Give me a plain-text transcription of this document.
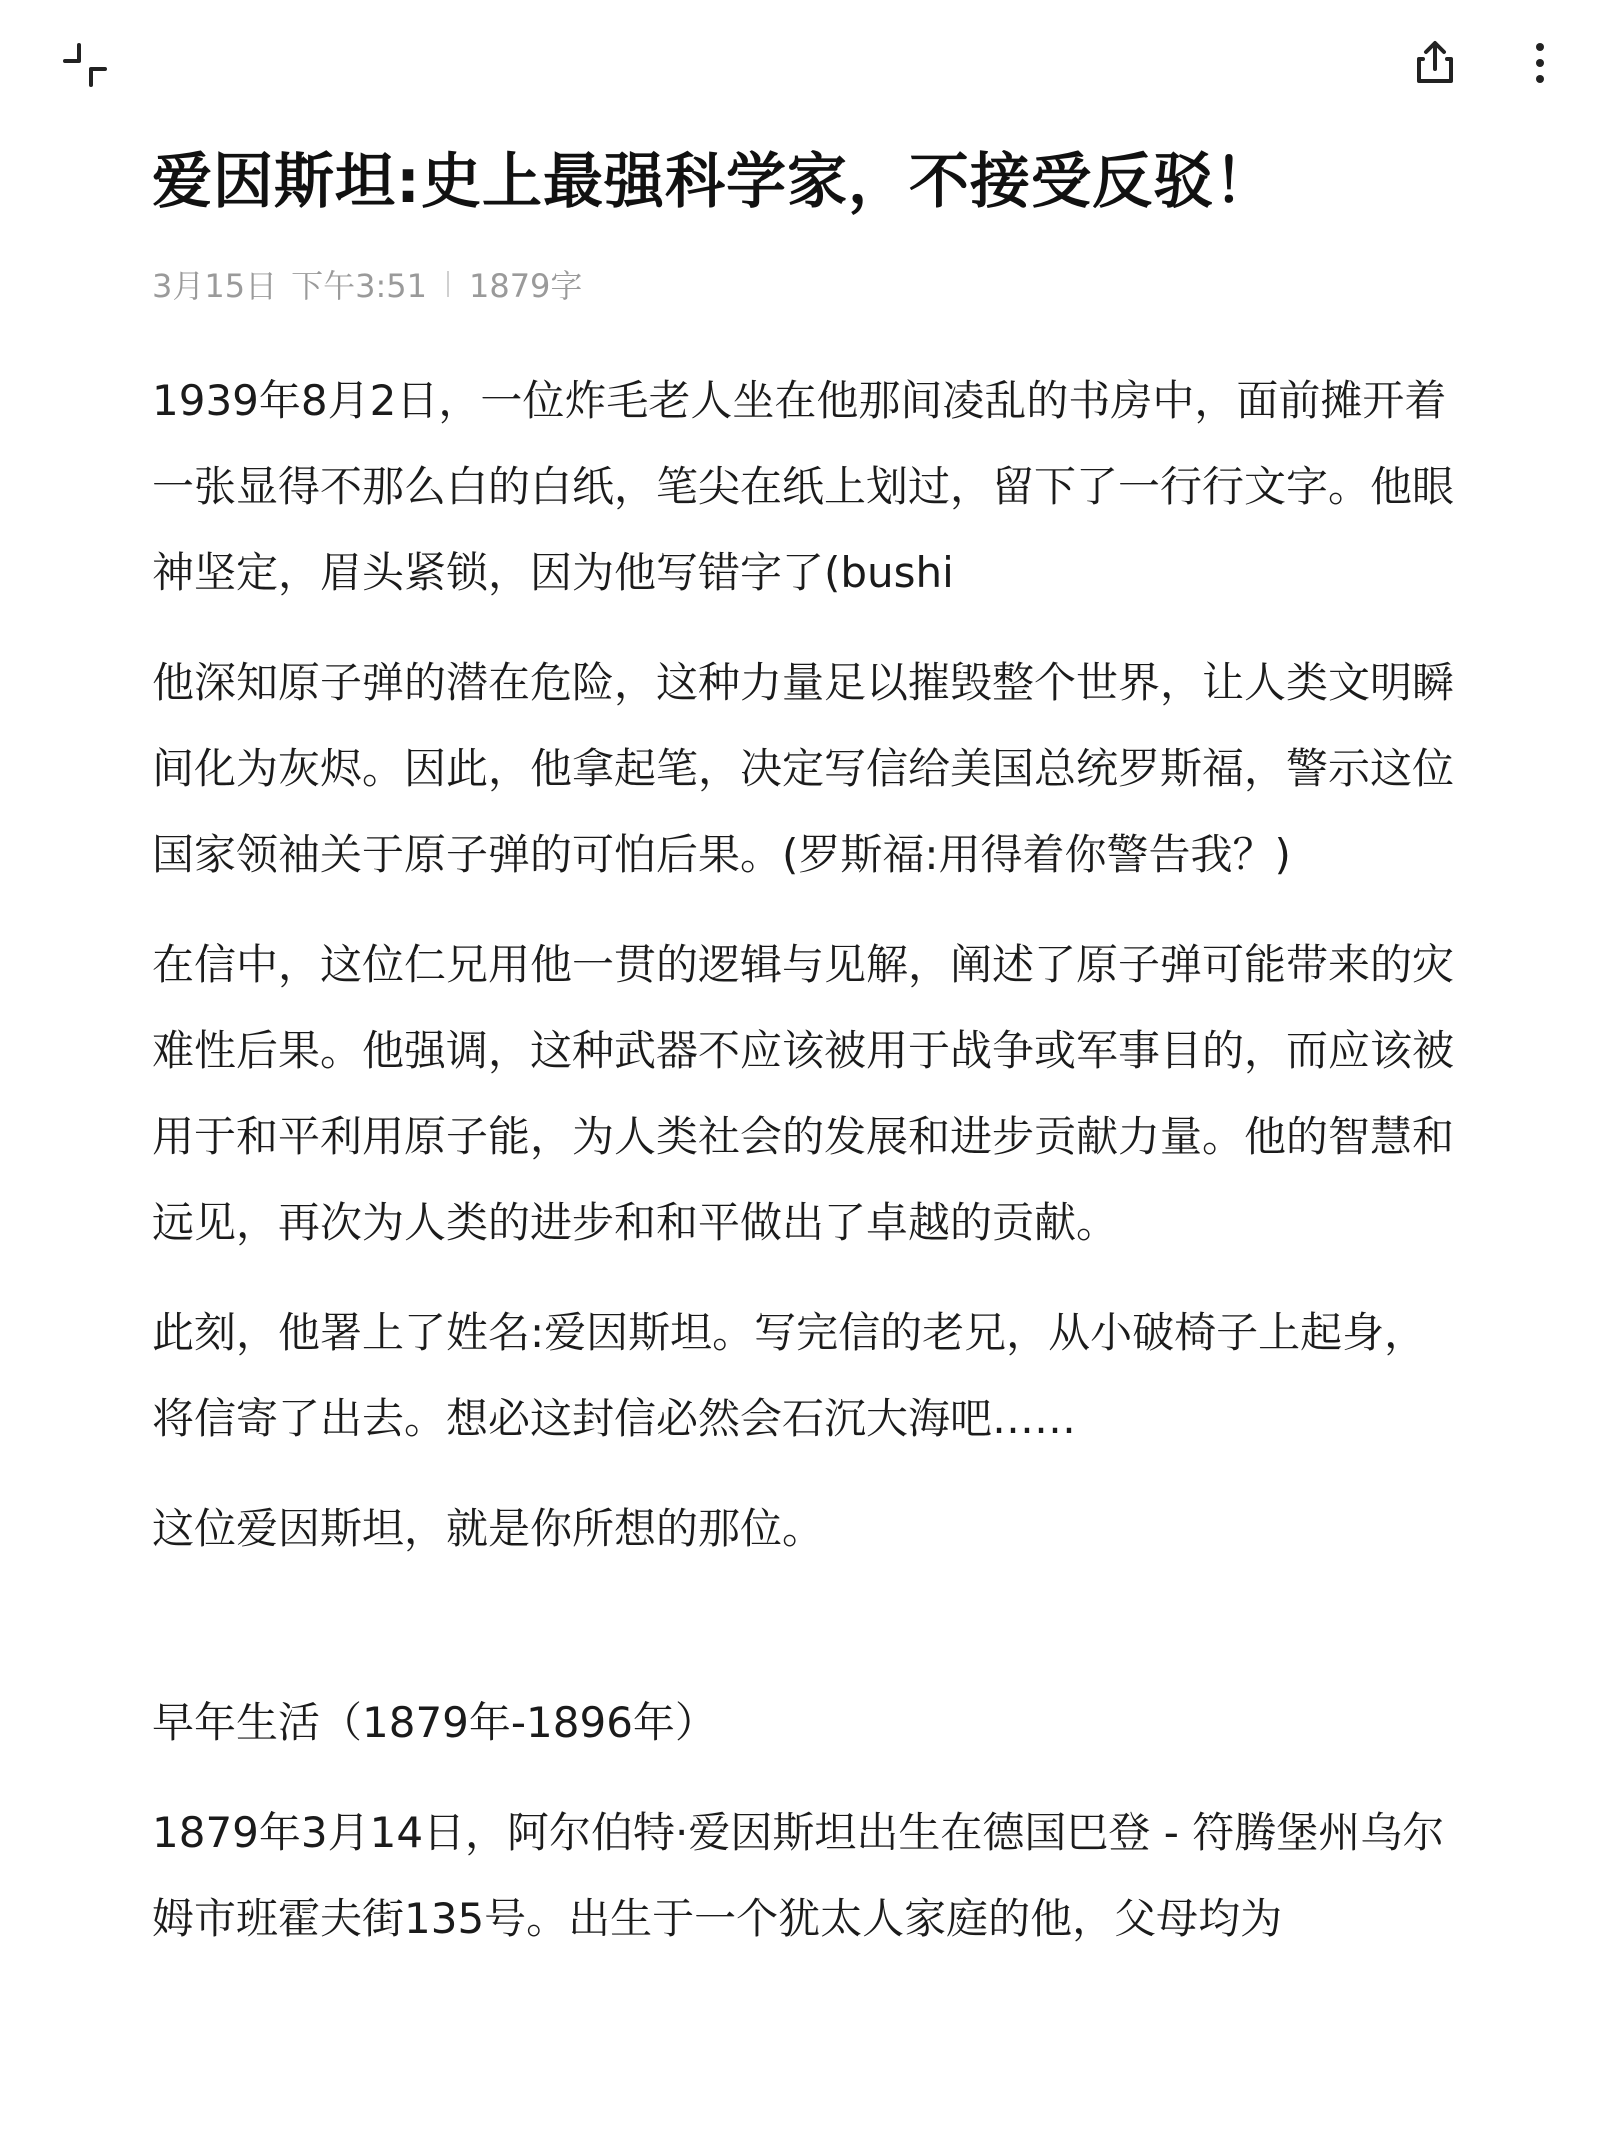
爱因斯坦:史上最强科学家，不接受反驳！
3月15日 下午3:51 1879字

1939年8月2日，一位炸毛老人坐在他那间凌乱的书房中，面前摊开着一张显得不那么白的白纸，笔尖在纸上划过，留下了一行行文字。他眼神坚定，眉头紧锁，因为他写错字了(bushi

他深知原子弹的潜在危险，这种力量足以摧毁整个世界，让人类文明瞬间化为灰烬。因此，他拿起笔，决定写信给美国总统罗斯福，警示这位国家领袖关于原子弹的可怕后果。(罗斯福:用得着你警告我？)

在信中，这位仁兄用他一贯的逻辑与见解，阐述了原子弹可能带来的灾难性后果。他强调，这种武器不应该被用于战争或军事目的，而应该被用于和平利用原子能，为人类社会的发展和进步贡献力量。他的智慧和远见，再次为人类的进步和和平做出了卓越的贡献。

此刻，他署上了姓名:爱因斯坦。写完信的老兄，从小破椅子上起身，将信寄了出去。想必这封信必然会石沉大海吧……

这位爱因斯坦，就是你所想的那位。

早年生活（1879年-1896年）

1879年3月14日，阿尔伯特·爱因斯坦出生在德国巴登 - 符腾堡州乌尔姆市班霍夫街135号。出生于一个犹太人家庭的他，父母均为
